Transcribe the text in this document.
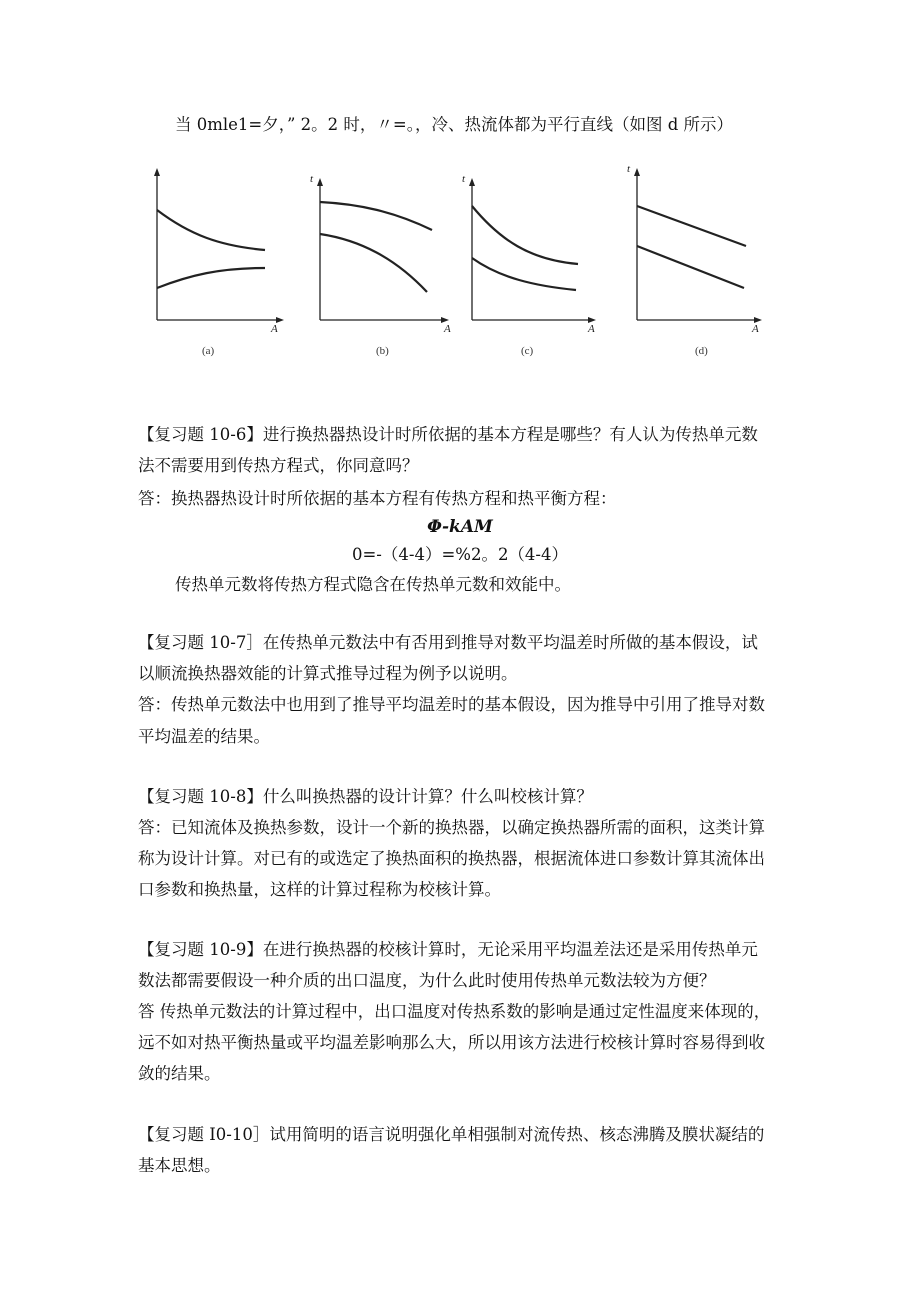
当 0mle1=夕，” 2。2 时，〃=。，冷、热流体都为平行直线（如图 d 所示）
A
(a)
t
A
(b)
t
A
(c)
t
A
(d)
【复习题 10-6】进行换热器热设计时所依据的基本方程是哪些？有人认为传热单元数
法不需要用到传热方程式，你同意吗？
答：换热器热设计时所依据的基本方程有传热方程和热平衡方程：
Φ-kAM
0=-（4-4）=%2。2（4-4）
传热单元数将传热方程式隐含在传热单元数和效能中。
【复习题 10-7］在传热单元数法中有否用到推导对数平均温差时所做的基本假设，试
以顺流换热器效能的计算式推导过程为例予以说明。
答：传热单元数法中也用到了推导平均温差时的基本假设，因为推导中引用了推导对数
平均温差的结果。
【复习题 10-8】什么叫换热器的设计计算？什么叫校核计算？
答：已知流体及换热参数，设计一个新的换热器，以确定换热器所需的面积，这类计算
称为设计计算。对已有的或选定了换热面积的换热器，根据流体进口参数计算其流体出
口参数和换热量，这样的计算过程称为校核计算。
【复习题 10-9】在进行换热器的校核计算时，无论采用平均温差法还是采用传热单元
数法都需要假设一种介质的出口温度，为什么此时使用传热单元数法较为方便？
答 传热单元数法的计算过程中，出口温度对传热系数的影响是通过定性温度来体现的，
远不如对热平衡热量或平均温差影响那么大，所以用该方法进行校核计算时容易得到收
敛的结果。
【复习题 I0-10］试用简明的语言说明强化单相强制对流传热、核态沸腾及膜状凝结的
基本思想。
